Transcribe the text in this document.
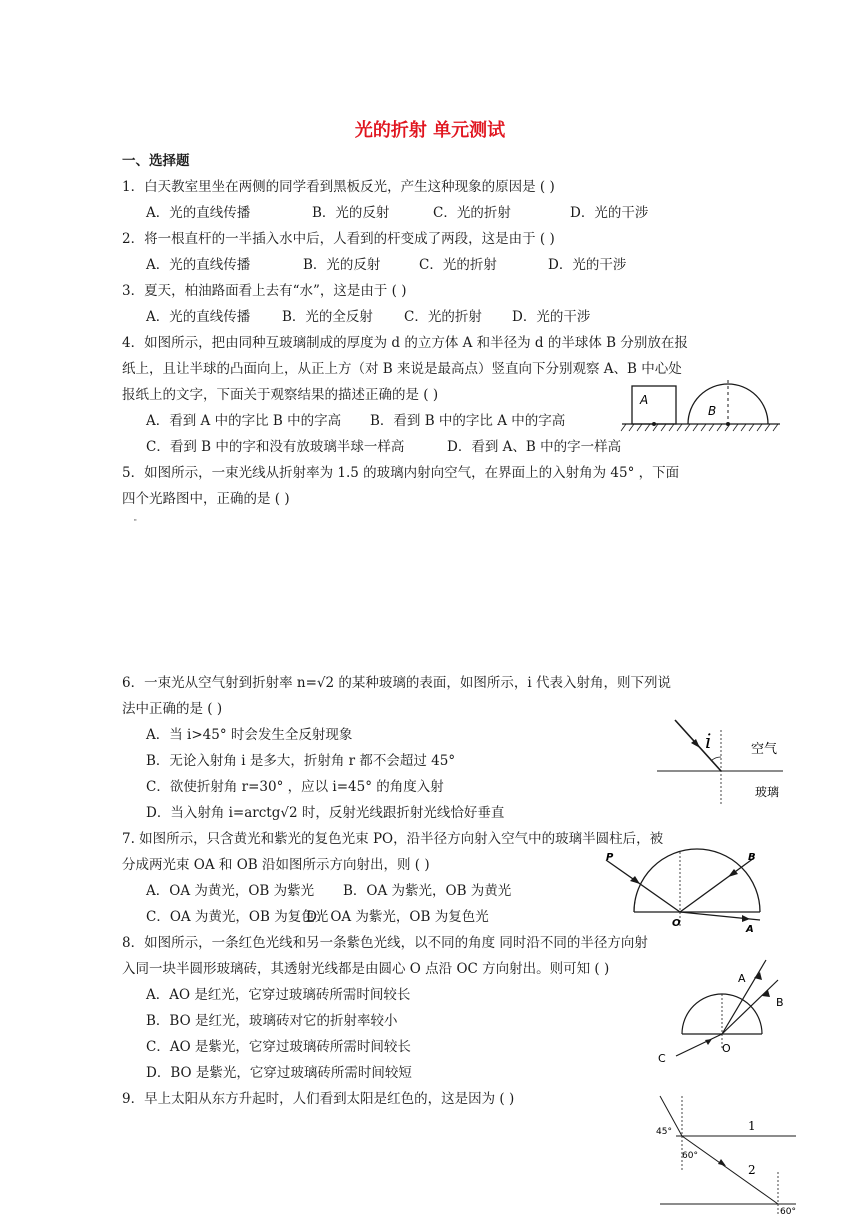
光的折射 单元测试
一、选择题
1．白天教室里坐在两侧的同学看到黑板反光，产生这种现象的原因是 ( )
A．光的直线传播	B．光的反射	C．光的折射	D．光的干涉
2．将一根直杆的一半插入水中后，人看到的杆变成了两段，这是由于 ( )
A．光的直线传播	B．光的反射	C．光的折射	D．光的干涉
3．夏天，柏油路面看上去有“水”，这是由于 ( )
A．光的直线传播 B．光的全反射 C．光的折射 D．光的干涉
4．如图所示，把由同种互玻璃制成的厚度为 d 的立方体 A 和半径为 d 的半球体 B 分别放在报
纸上，且让半球的凸面向上，从正上方（对 B 来说是最高点）竖直向下分别观察 A、B 中心处
报纸上的文字，下面关于观察结果的描述正确的是 ( )
A．看到 A 中的字比 B 中的字高 B．看到 B 中的字比 A 中的字高
C．看到 B 中的字和没有放玻璃半球一样高	D．看到 A、B 中的字一样高
A
B
5．如图所示，一束光线从折射率为 1.5 的玻璃内射向空气，在界面上的入射角为 45° ，下面
四个光路图中，正确的是 ( )
"
6．一束光从空气射到折射率 n=√2 的某种玻璃的表面，如图所示，i 代表入射角，则下列说
法中正确的是 ( )
A．当 i>45° 时会发生全反射现象
B．无论入射角 i 是多大，折射角 r 都不会超过 45°
C．欲使折射角 r=30° ，应以 i=45° 的角度入射
D．当入射角 i=arctg√2 时，反射光线跟折射光线恰好垂直
i	空气
玻璃
7. 如图所示，只含黄光和紫光的复色光束 PO，沿半径方向射入空气中的玻璃半圆柱后，被
分成两光束 OA 和 OB 沿如图所示方向射出，则 ( )
A．OA 为黄光，OB 为紫光 B．OA 为紫光，OB 为黄光
C．OA 为黄光，OB 为复色光
D．OA 为紫光，OB 为复色光
P	B
O
A
8．如图所示，一条红色光线和另一条紫色光线，以不同的角度 同时沿不同的半径方向射
入同一块半圆形玻璃砖，其透射光线都是由圆心 O 点沿 OC 方向射出。则可知 ( )
A．AO 是红光，它穿过玻璃砖所需时间较长
B．BO 是红光，玻璃砖对它的折射率较小
C．AO 是紫光，它穿过玻璃砖所需时间较长
D．BO 是紫光，它穿过玻璃砖所需时间较短
A
B
C
O
9．早上太阳从东方升起时，人们看到太阳是红色的，这是因为 ( )
45°
60°
60°
1
2
